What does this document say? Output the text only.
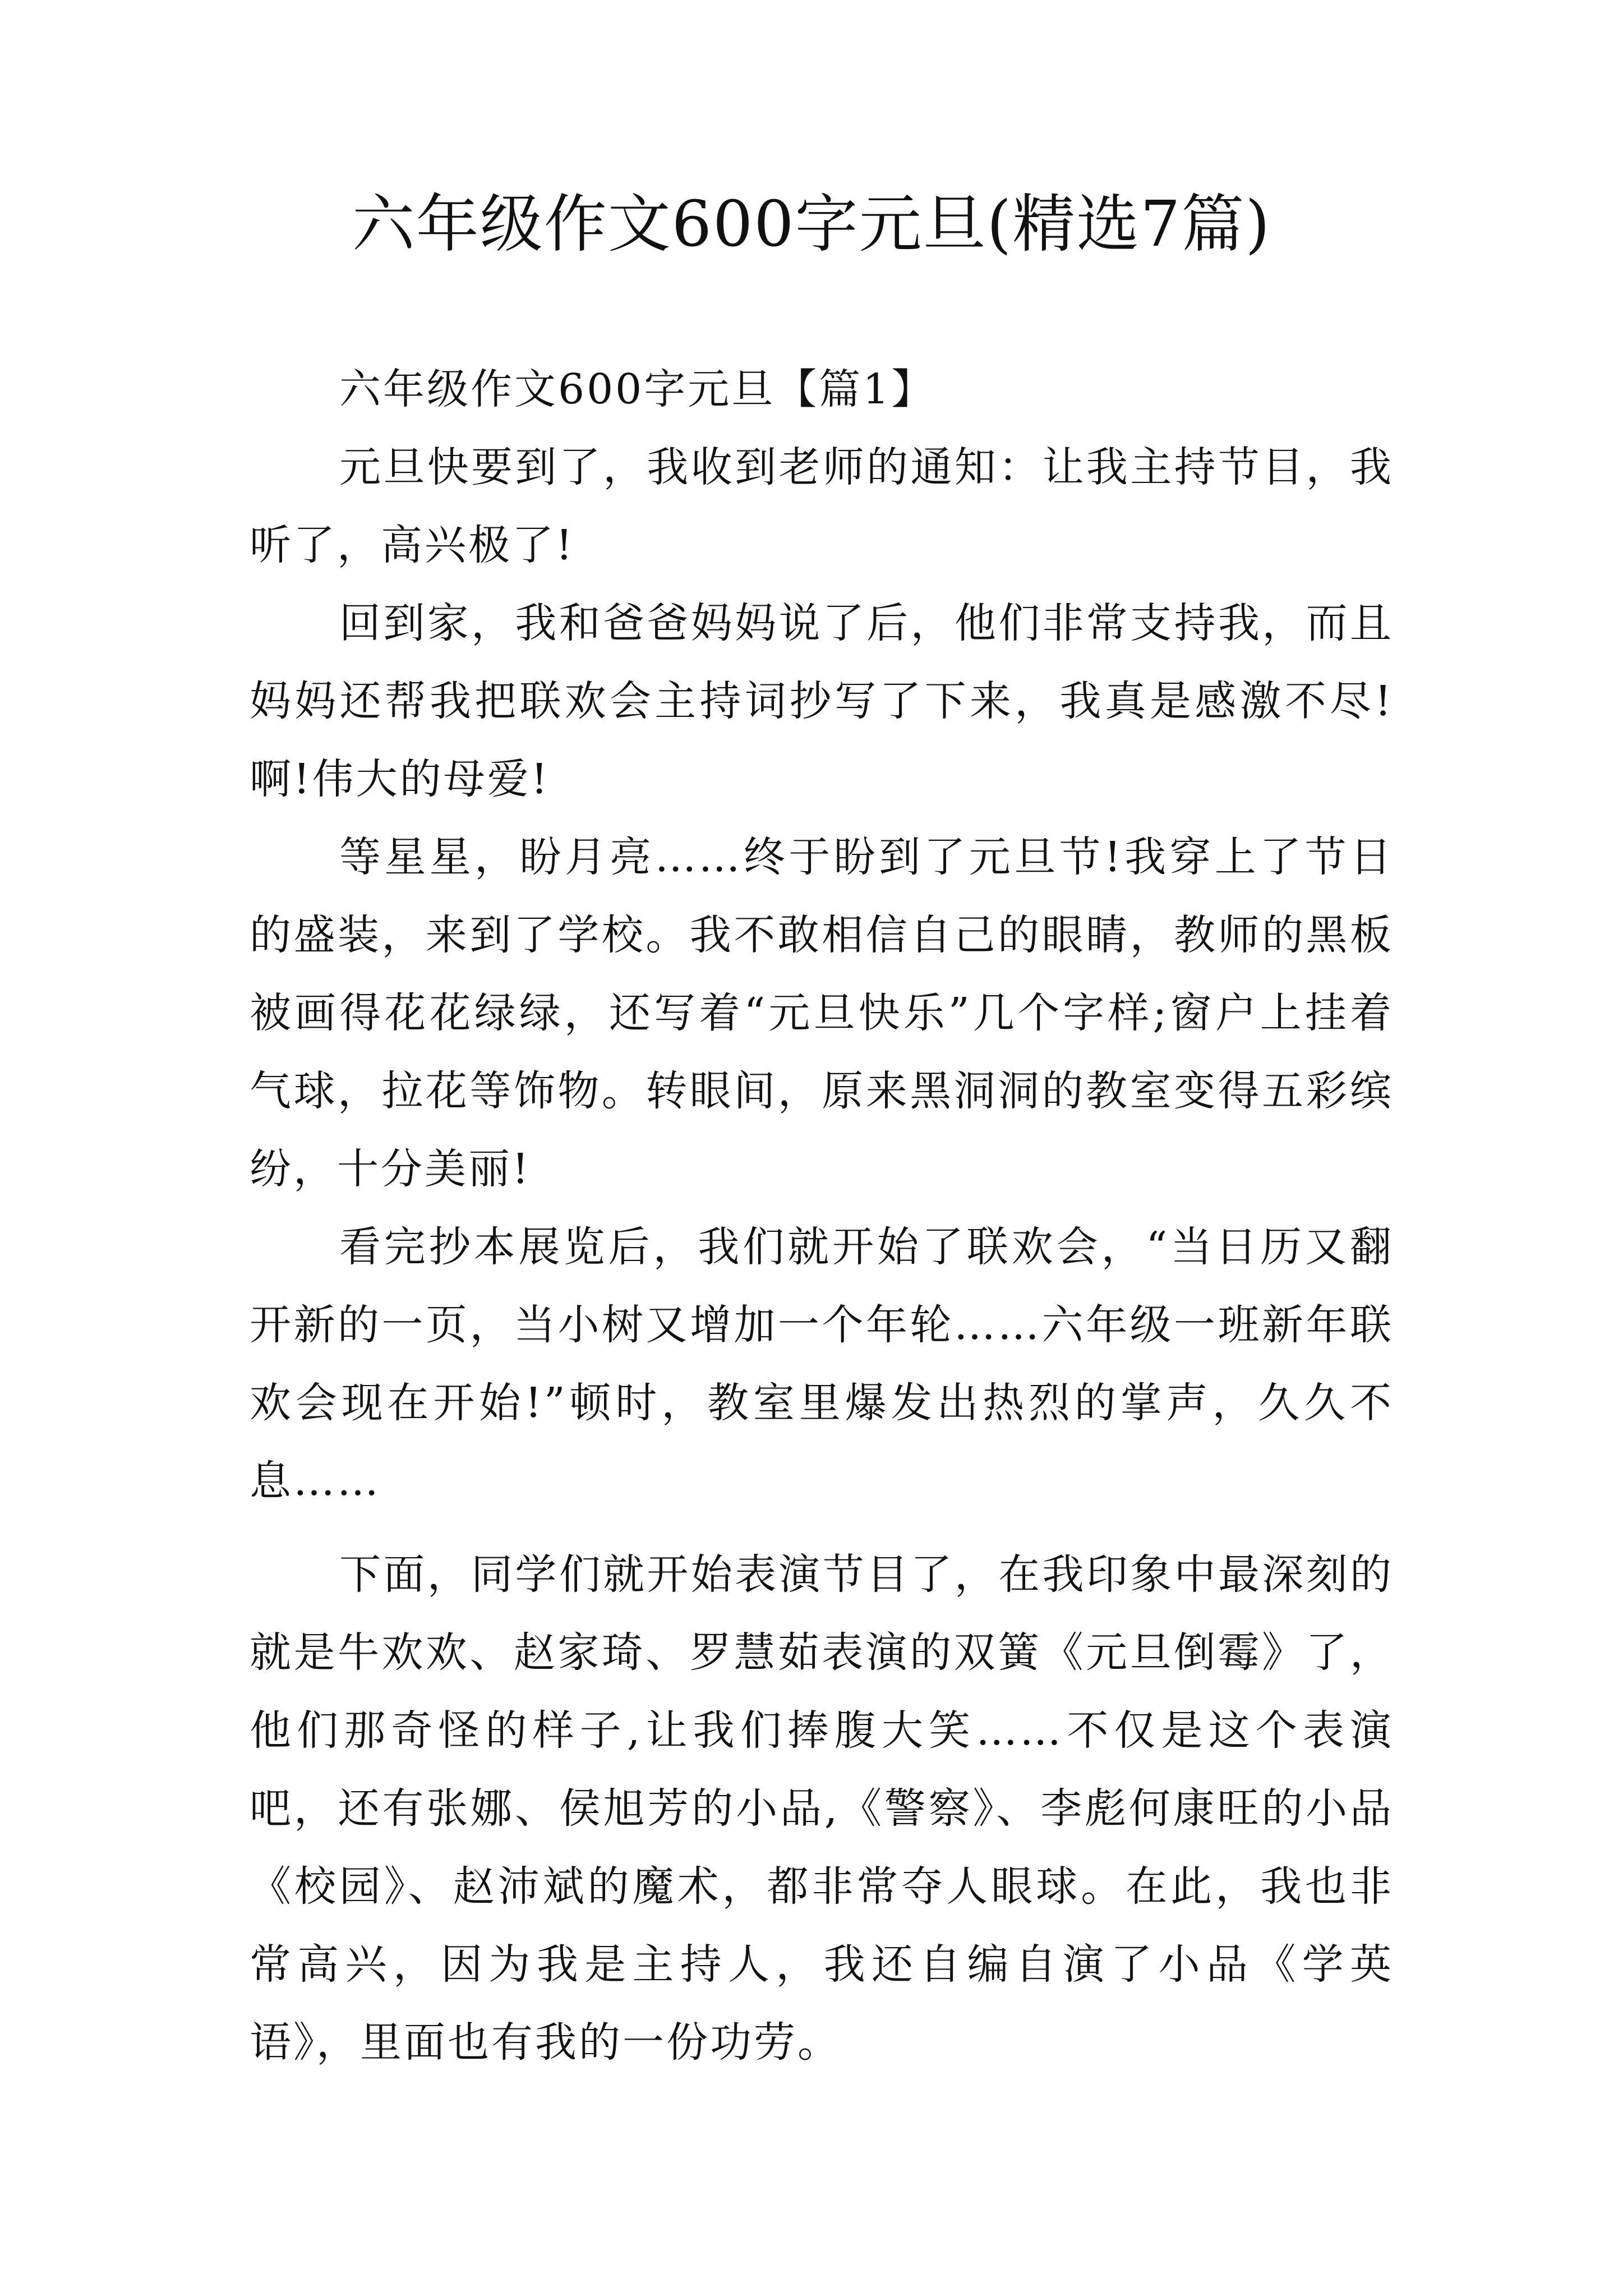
六年级作文600字元旦(精选7篇)

六年级作文600字元旦【篇1】

元旦快要到了，我收到老师的通知：让我主持节目，我听了，高兴极了!

回到家，我和爸爸妈妈说了后，他们非常支持我，而且妈妈还帮我把联欢会主持词抄写了下来，我真是感激不尽!啊!伟大的母爱!

等星星，盼月亮……终于盼到了元旦节!我穿上了节日的盛装，来到了学校。我不敢相信自己的眼睛，教师的黑板被画得花花绿绿，还写着“元旦快乐”几个字样;窗户上挂着气球，拉花等饰物。转眼间，原来黑洞洞的教室变得五彩缤纷，十分美丽!

看完抄本展览后，我们就开始了联欢会，“当日历又翻开新的一页，当小树又增加一个年轮……六年级一班新年联欢会现在开始!”顿时，教室里爆发出热烈的掌声，久久不息……

下面，同学们就开始表演节目了，在我印象中最深刻的就是牛欢欢、赵家琦、罗慧茹表演的双簧《元旦倒霉》了，他们那奇怪的样子,让我们捧腹大笑……不仅是这个表演吧，还有张娜、侯旭芳的小品,《警察》、李彪何康旺的小品《校园》、赵沛斌的魔术，都非常夺人眼球。在此，我也非常高兴，因为我是主持人，我还自编自演了小品《学英语》，里面也有我的一份功劳。
